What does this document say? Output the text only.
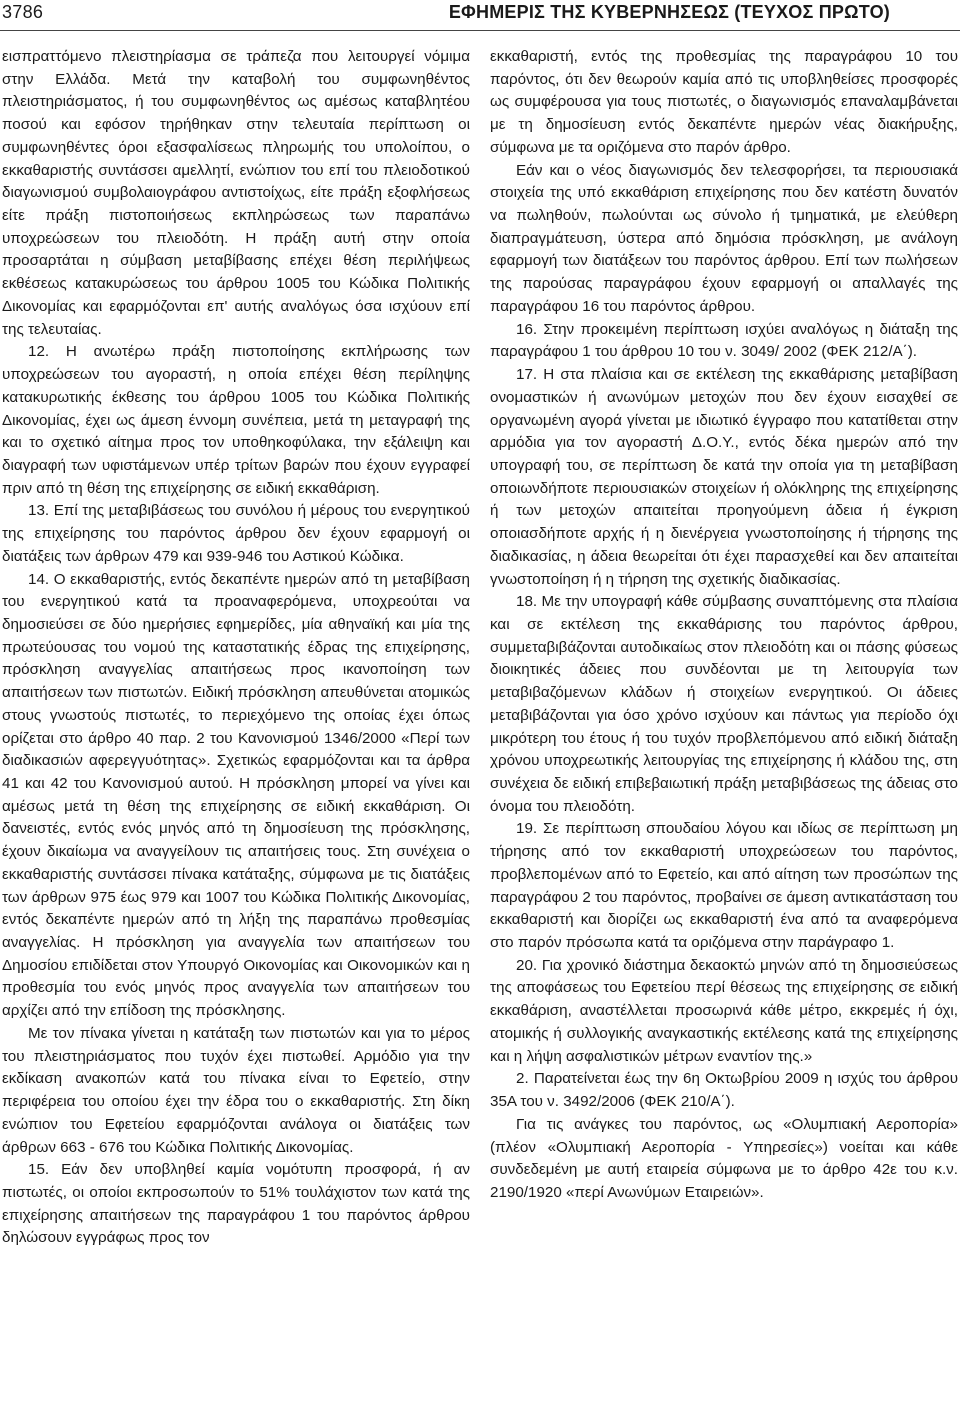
3786	ΕΦΗΜΕΡΙΣ ΤΗΣ ΚΥΒΕΡΝΗΣΕΩΣ (ΤΕΥΧΟΣ ΠΡΩΤΟ)

εισπραττόμενο πλειστηρίασμα σε τράπεζα που λειτουργεί νόμιμα στην Ελλάδα. Μετά την καταβολή του συμφωνηθέντος πλειστηριάσματος, ή του συμφωνηθέντος ως αμέσως καταβλητέου ποσού και εφόσον τηρήθηκαν στην τελευταία περίπτωση οι συμφωνηθέντες όροι εξασφαλίσεως πληρωμής του υπολοίπου, ο εκκαθαριστής συντάσσει αμελλητί, ενώπιον του επί του πλειοδοτικού διαγωνισμού συμβολαιογράφου αντιστοίχως, είτε πράξη εξοφλήσεως είτε πράξη πιστοποιήσεως εκπληρώσεως των παραπάνω υποχρεώσεων του πλειοδότη. Η πράξη αυτή στην οποία προσαρτάται η σύμβαση μεταβίβασης επέχει θέση περιλήψεως εκθέσεως κατακυρώσεως του άρθρου 1005 του Κώδικα Πολιτικής Δικονομίας και εφαρμόζονται επ' αυτής αναλόγως όσα ισχύουν επί της τελευταίας.

12. Η ανωτέρω πράξη πιστοποίησης εκπλήρωσης των υποχρεώσεων του αγοραστή, η οποία επέχει θέση περίληψης κατακυρωτικής έκθεσης του άρθρου 1005 του Κώδικα Πολιτικής Δικονομίας, έχει ως άμεση έννομη συνέπεια, μετά τη μεταγραφή της και το σχετικό αίτημα προς τον υποθηκοφύλακα, την εξάλειψη και διαγραφή των υφιστάμενων υπέρ τρίτων βαρών που έχουν εγγραφεί πριν από τη θέση της επιχείρησης σε ειδική εκκαθάριση.

13. Επί της μεταβιβάσεως του συνόλου ή μέρους του ενεργητικού της επιχείρησης του παρόντος άρθρου δεν έχουν εφαρμογή οι διατάξεις των άρθρων 479 και 939-946 του Αστικού Κώδικα.

14. Ο εκκαθαριστής, εντός δεκαπέντε ημερών από τη μεταβίβαση του ενεργητικού κατά τα προαναφερόμενα, υποχρεούται να δημοσιεύσει σε δύο ημερήσιες εφημερίδες, μία αθηναϊκή και μία της πρωτεύουσας του νομού της καταστατικής έδρας της επιχείρησης, πρόσκληση αναγγελίας απαιτήσεως προς ικανοποίηση των απαιτήσεων των πιστωτών. Ειδική πρόσκληση απευθύνεται ατομικώς στους γνωστούς πιστωτές, το περιεχόμενο της οποίας έχει όπως ορίζεται στο άρθρο 40 παρ. 2 του Κανονισμού 1346/2000 «Περί των διαδικασιών αφερεγγυότητας». Σχετικώς εφαρμόζονται και τα άρθρα 41 και 42 του Κανονισμού αυτού. Η πρόσκληση μπορεί να γίνει και αμέσως μετά τη θέση της επιχείρησης σε ειδική εκκαθάριση. Οι δανειστές, εντός ενός μηνός από τη δημοσίευση της πρόσκλησης, έχουν δικαίωμα να αναγγείλουν τις απαιτήσεις τους. Στη συνέχεια ο εκκαθαριστής συντάσσει πίνακα κατάταξης, σύμφωνα με τις διατάξεις των άρθρων 975 έως 979 και 1007 του Κώδικα Πολιτικής Δικονομίας, εντός δεκαπέντε ημερών από τη λήξη της παραπάνω προθεσμίας αναγγελίας. Η πρόσκληση για αναγγελία των απαιτήσεων του Δημοσίου επιδίδεται στον Υπουργό Οικονομίας και Οικονομικών και η προθεσμία του ενός μηνός προς αναγγελία των απαιτήσεων του αρχίζει από την επίδοση της πρόσκλησης.

Με τον πίνακα γίνεται η κατάταξη των πιστωτών και για το μέρος του πλειστηριάσματος που τυχόν έχει πιστωθεί. Αρμόδιο για την εκδίκαση ανακοπών κατά του πίνακα είναι το Εφετείο, στην περιφέρεια του οποίου έχει την έδρα του ο εκκαθαριστής. Στη δίκη ενώπιον του Εφετείου εφαρμόζονται ανάλογα οι διατάξεις των άρθρων 663 - 676 του Κώδικα Πολιτικής Δικονομίας.

15. Εάν δεν υποβληθεί καμία νομότυπη προσφορά, ή αν πιστωτές, οι οποίοι εκπροσωπούν το 51% τουλάχιστον των κατά της επιχείρησης απαιτήσεων της παραγράφου 1 του παρόντος άρθρου δηλώσουν εγγράφως προς τον

εκκαθαριστή, εντός της προθεσμίας της παραγράφου 10 του παρόντος, ότι δεν θεωρούν καμία από τις υποβληθείσες προσφορές ως συμφέρουσα για τους πιστωτές, ο διαγωνισμός επαναλαμβάνεται με τη δημοσίευση εντός δεκαπέντε ημερών νέας διακήρυξης, σύμφωνα με τα οριζόμενα στο παρόν άρθρο.

Εάν και ο νέος διαγωνισμός δεν τελεσφορήσει, τα περιουσιακά στοιχεία της υπό εκκαθάριση επιχείρησης που δεν κατέστη δυνατόν να πωληθούν, πωλούνται ως σύνολο ή τμηματικά, με ελεύθερη διαπραγμάτευση, ύστερα από δημόσια πρόσκληση, με ανάλογη εφαρμογή των διατάξεων του παρόντος άρθρου. Επί των πωλήσεων της παρούσας παραγράφου έχουν εφαρμογή οι απαλλαγές της παραγράφου 16 του παρόντος άρθρου.

16. Στην προκειμένη περίπτωση ισχύει αναλόγως η διάταξη της παραγράφου 1 του άρθρου 10 του ν. 3049/ 2002 (ΦΕΚ 212/Α΄).

17. Η στα πλαίσια και σε εκτέλεση της εκκαθάρισης μεταβίβαση ονομαστικών ή ανωνύμων μετοχών που δεν έχουν εισαχθεί σε οργανωμένη αγορά γίνεται με ιδιωτικό έγγραφο που κατατίθεται στην αρμόδια για τον αγοραστή Δ.Ο.Υ., εντός δέκα ημερών από την υπογραφή του, σε περίπτωση δε κατά την οποία για τη μεταβίβαση οποιωνδήποτε περιουσιακών στοιχείων ή ολόκληρης της επιχείρησης ή των μετοχών απαιτείται προηγούμενη άδεια ή έγκριση οποιασδήποτε αρχής ή η διενέργεια γνωστοποίησης ή τήρησης της διαδικασίας, η άδεια θεωρείται ότι έχει παρασχεθεί και δεν απαιτείται γνωστοποίηση ή η τήρηση της σχετικής διαδικασίας.

18. Με την υπογραφή κάθε σύμβασης συναπτόμενης στα πλαίσια και σε εκτέλεση της εκκαθάρισης του παρόντος άρθρου, συμμεταβιβάζονται αυτοδικαίως στον πλειοδότη και οι πάσης φύσεως διοικητικές άδειες που συνδέονται με τη λειτουργία των μεταβιβαζόμενων κλάδων ή στοιχείων ενεργητικού. Οι άδειες μεταβιβάζονται για όσο χρόνο ισχύουν και πάντως για περίοδο όχι μικρότερη του έτους ή του τυχόν προβλεπόμενου από ειδική διάταξη χρόνου υποχρεωτικής λειτουργίας της επιχείρησης ή κλάδου της, στη συνέχεια δε ειδική επιβεβαιωτική πράξη μεταβιβάσεως της άδειας στο όνομα του πλειοδότη.

19. Σε περίπτωση σπουδαίου λόγου και ιδίως σε περίπτωση μη τήρησης από τον εκκαθαριστή υποχρεώσεων του παρόντος, προβλεπομένων από το Εφετείο, και από αίτηση των προσώπων της παραγράφου 2 του παρόντος, προβαίνει σε άμεση αντικατάσταση του εκκαθαριστή και διορίζει ως εκκαθαριστή ένα από τα αναφερόμενα στο παρόν πρόσωπα κατά τα οριζόμενα στην παράγραφο 1.

20. Για χρονικό διάστημα δεκαοκτώ μηνών από τη δημοσιεύσεως της αποφάσεως του Εφετείου περί θέσεως της επιχείρησης σε ειδική εκκαθάριση, αναστέλλεται προσωρινά κάθε μέτρο, εκκρεμές ή όχι, ατομικής ή συλλογικής αναγκαστικής εκτέλεσης κατά της επιχείρησης και η λήψη ασφαλιστικών μέτρων εναντίον της.»

2. Παρατείνεται έως την 6η Οκτωβρίου 2009 η ισχύς του άρθρου 35Α του ν. 3492/2006 (ΦΕΚ 210/Α΄).

Για τις ανάγκες του παρόντος, ως «Ολυμπιακή Αεροπορία» (πλέον «Ολυμπιακή Αεροπορία - Υπηρεσίες») νοείται και κάθε συνδεδεμένη με αυτή εταιρεία σύμφωνα με το άρθρο 42ε του κ.ν. 2190/1920 «περί Ανωνύμων Εταιρειών».
